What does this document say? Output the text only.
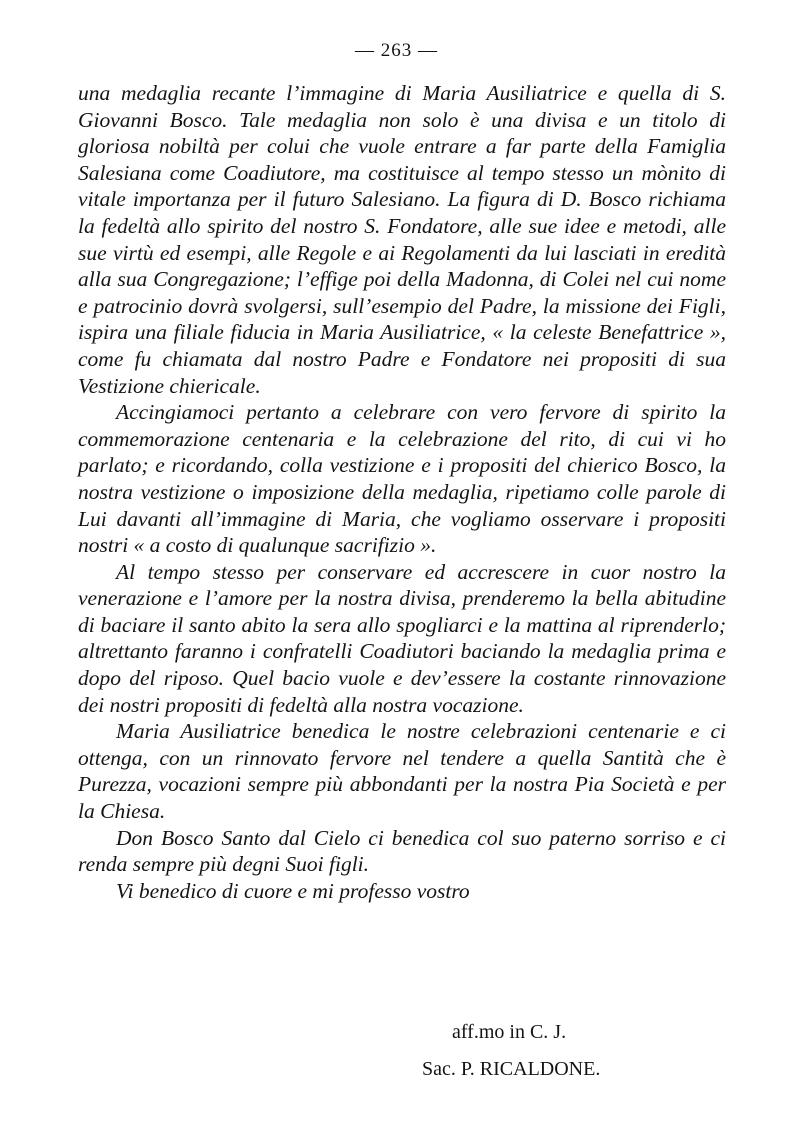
— 263 —

una medaglia recante l’immagine di Maria Ausiliatrice e quella di S. Giovanni Bosco. Tale medaglia non solo è una divisa e un titolo di gloriosa nobiltà per colui che vuole entrare a far parte della Famiglia Salesiana come Coadiutore, ma costituisce al tempo stesso un mònito di vitale importanza per il futuro Salesiano. La figura di D. Bosco richiama la fedeltà allo spirito del nostro S. Fondatore, alle sue idee e metodi, alle sue virtù ed esempi, alle Regole e ai Regolamenti da lui lasciati in eredità alla sua Congregazione; l’effige poi della Madonna, di Colei nel cui nome e patrocinio dovrà svolgersi, sull’esempio del Padre, la missione dei Figli, ispira una filiale fiducia in Maria Ausiliatrice, « la celeste Benefattrice », come fu chiamata dal nostro Padre e Fondatore nei propositi di sua Vestizione chiericale.

Accingiamoci pertanto a celebrare con vero fervore di spirito la commemorazione centenaria e la celebrazione del rito, di cui vi ho parlato; e ricordando, colla vestizione e i propositi del chierico Bosco, la nostra vestizione o imposizione della medaglia, ripetiamo colle parole di Lui davanti all’immagine di Maria, che vogliamo osservare i propositi nostri « a costo di qualunque sacrifizio ».

Al tempo stesso per conservare ed accrescere in cuor nostro la venerazione e l’amore per la nostra divisa, prenderemo la bella abitudine di baciare il santo abito la sera allo spogliarci e la mattina al riprenderlo; altrettanto faranno i confratelli Coadiutori baciando la medaglia prima e dopo del riposo. Quel bacio vuole e dev’essere la costante rinnovazione dei nostri propositi di fedeltà alla nostra vocazione.

Maria Ausiliatrice benedica le nostre celebrazioni centenarie e ci ottenga, con un rinnovato fervore nel tendere a quella Santità che è Purezza, vocazioni sempre più abbondanti per la nostra Pia Società e per la Chiesa.

Don Bosco Santo dal Cielo ci benedica col suo paterno sorriso e ci renda sempre più degni Suoi figli.

Vi benedico di cuore e mi professo vostro

aff.mo in C. J.
Sac. P. RICALDONE.
